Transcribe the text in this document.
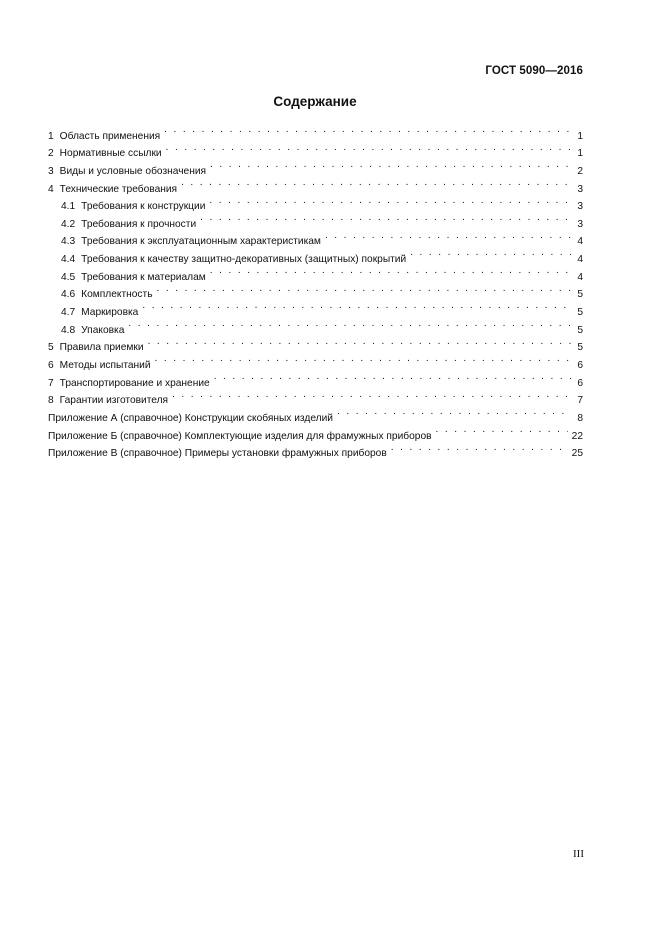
ГОСТ 5090—2016
Содержание
1 Область применения . . .	1
2 Нормативные ссылки . . .	1
3 Виды и условные обозначения . . .	2
4 Технические требования . . .	3
4.1 Требования к конструкции . . .	3
4.2 Требования к прочности . . .	3
4.3 Требования к эксплуатационным характеристикам . . .	4
4.4 Требования к качеству защитно-декоративных (защитных) покрытий . . .	4
4.5 Требования к материалам . . .	4
4.6 Комплектность . . .	5
4.7 Маркировка . . .	5
4.8 Упаковка . . .	5
5 Правила приемки . . .	5
6 Методы испытаний . . .	6
7 Транспортирование и хранение . . .	6
8 Гарантии изготовителя . . .	7
Приложение А (справочное) Конструкции скобяных изделий . . .	8
Приложение Б (справочное) Комплектующие изделия для фрамужных приборов . . .	22
Приложение В (справочное) Примеры установки фрамужных приборов . . .	25
III
